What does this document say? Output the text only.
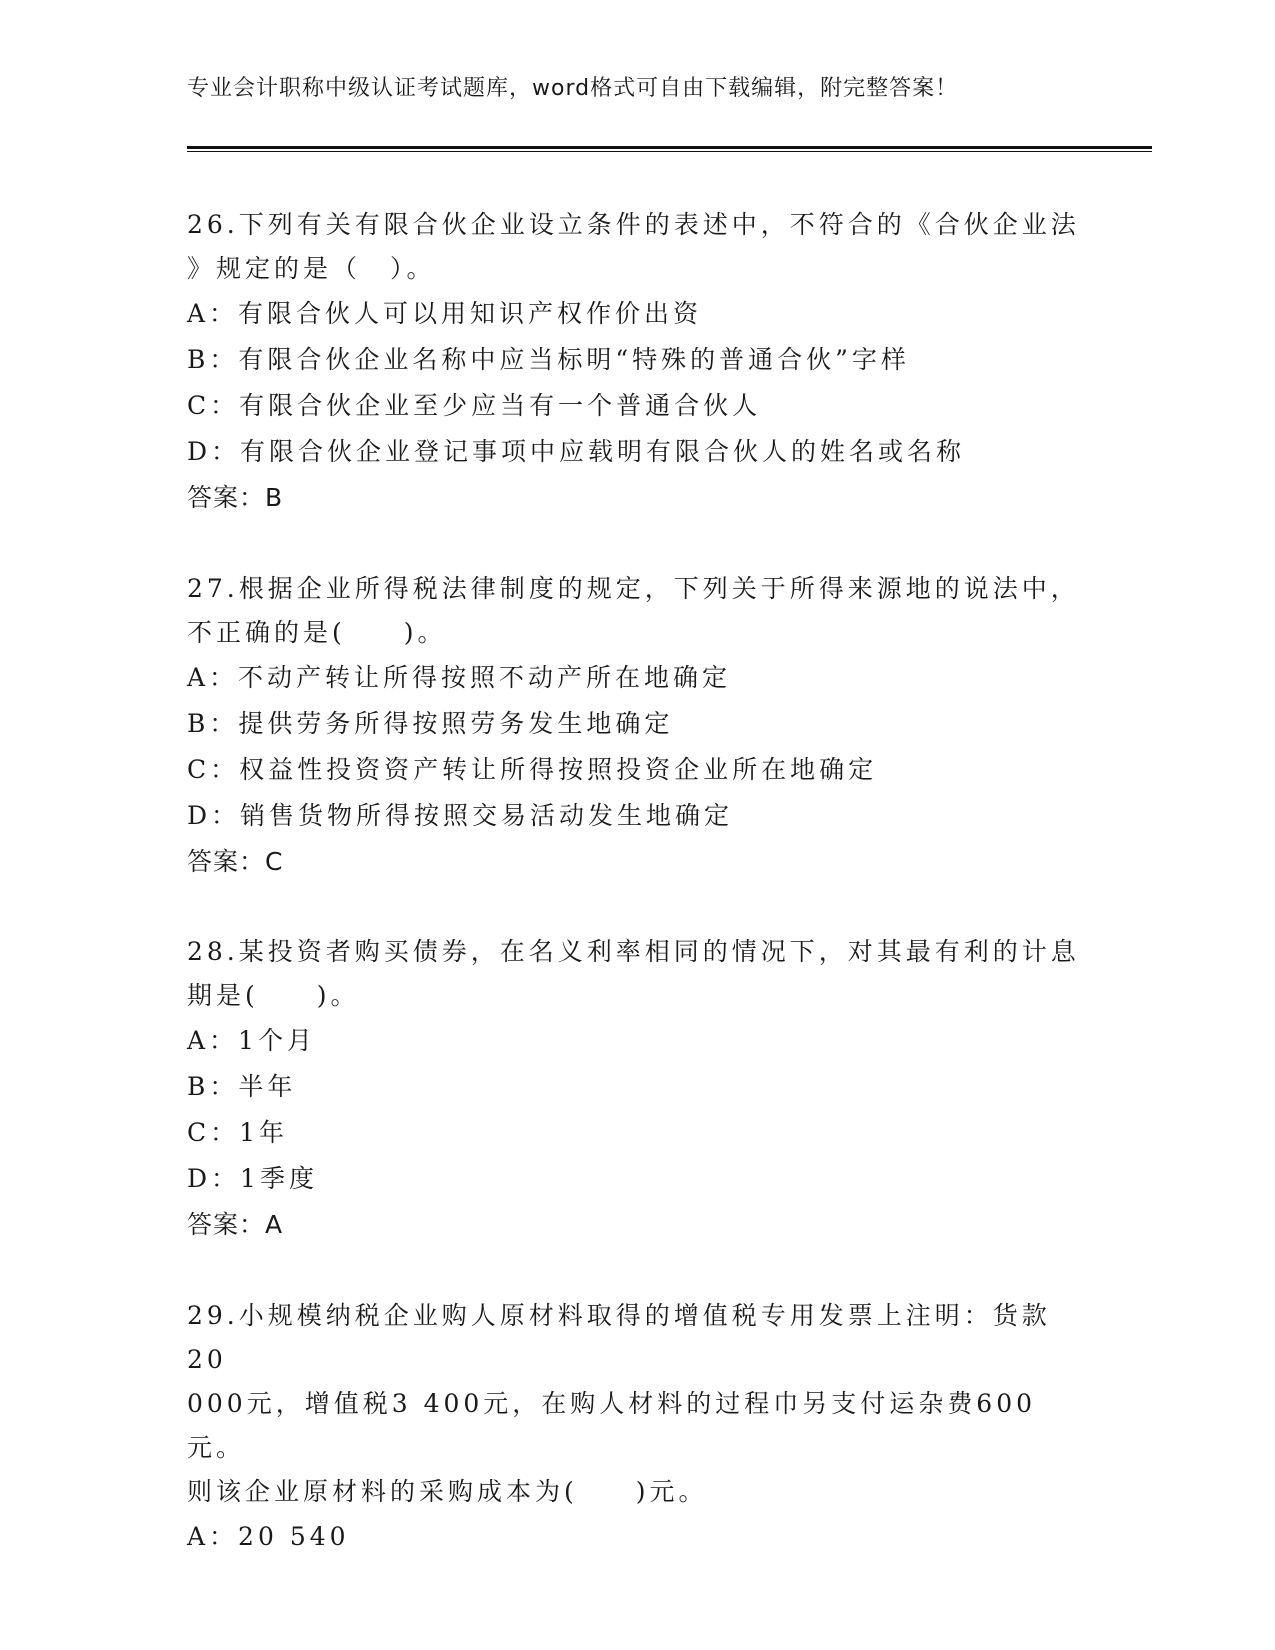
专业会计职称中级认证考试题库，word格式可自由下载编辑，附完整答案！
26.下列有关有限合伙企业设立条件的表述中，不符合的《合伙企业法
》规定的是（　）。
A：有限合伙人可以用知识产权作价出资
B：有限合伙企业名称中应当标明“特殊的普通合伙”字样
C：有限合伙企业至少应当有一个普通合伙人
D：有限合伙企业登记事项中应载明有限合伙人的姓名或名称
答案：B
27.根据企业所得税法律制度的规定，下列关于所得来源地的说法中，
不正确的是(　　)。
A：不动产转让所得按照不动产所在地确定
B：提供劳务所得按照劳务发生地确定
C：权益性投资资产转让所得按照投资企业所在地确定
D：销售货物所得按照交易活动发生地确定
答案：C
28.某投资者购买债券，在名义利率相同的情况下，对其最有利的计息
期是(　　)。
A：1个月
B：半年
C：1年
D：1季度
答案：A
29.小规模纳税企业购人原材料取得的增值税专用发票上注明：货款20
000元，增值税3 400元，在购人材料的过程巾另支付运杂费600元。
则该企业原材料的采购成本为(　　)元。
A：20 540
